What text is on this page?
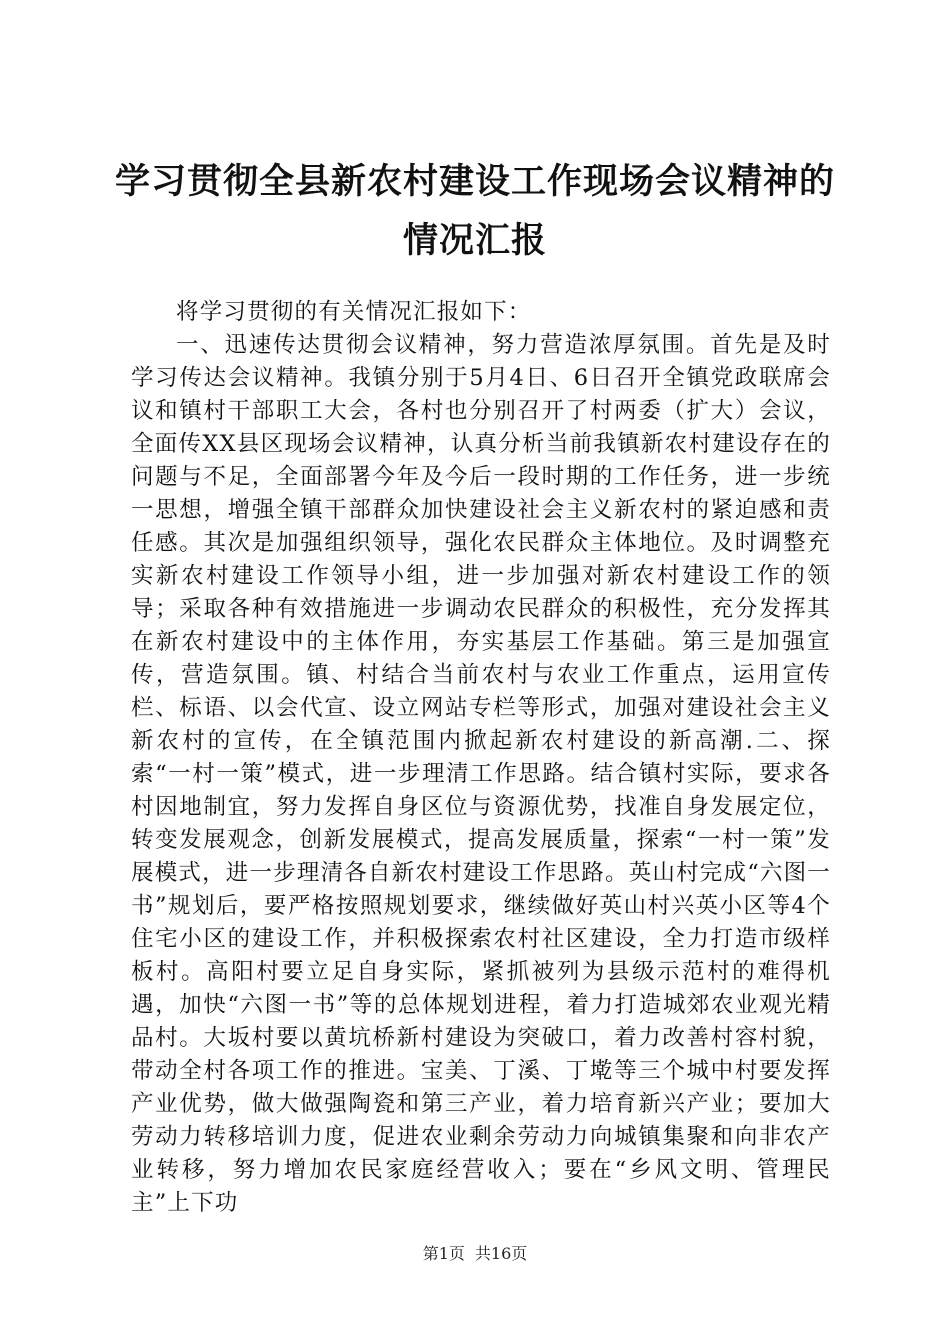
学习贯彻全县新农村建设工作现场会议精神的
情况汇报

将学习贯彻的有关情况汇报如下：

一、迅速传达贯彻会议精神，努力营造浓厚氛围。首先是及时学习传达会议精神。我镇分别于5月4日、6日召开全镇党政联席会议和镇村干部职工大会，各村也分别召开了村两委（扩大）会议，全面传XX县区现场会议精神，认真分析当前我镇新农村建设存在的问题与不足，全面部署今年及今后一段时期的工作任务，进一步统一思想，增强全镇干部群众加快建设社会主义新农村的紧迫感和责任感。其次是加强组织领导，强化农民群众主体地位。及时调整充实新农村建设工作领导小组，进一步加强对新农村建设工作的领导；采取各种有效措施进一步调动农民群众的积极性，充分发挥其在新农村建设中的主体作用，夯实基层工作基础。第三是加强宣传，营造氛围。镇、村结合当前农村与农业工作重点，运用宣传栏、标语、以会代宣、设立网站专栏等形式，加强对建设社会主义新农村的宣传，在全镇范围内掀起新农村建设的新高潮.二、探索“一村一策”模式，进一步理清工作思路。结合镇村实际，要求各村因地制宜，努力发挥自身区位与资源优势，找准自身发展定位，转变发展观念，创新发展模式，提高发展质量，探索“一村一策”发展模式，进一步理清各自新农村建设工作思路。英山村完成“六图一书”规划后，要严格按照规划要求，继续做好英山村兴英小区等4个住宅小区的建设工作，并积极探索农村社区建设，全力打造市级样板村。高阳村要立足自身实际，紧抓被列为县级示范村的难得机遇，加快“六图一书”等的总体规划进程，着力打造城郊农业观光精品村。大坂村要以黄坑桥新村建设为突破口，着力改善村容村貌，带动全村各项工作的推进。宝美、丁溪、丁墘等三个城中村要发挥产业优势，做大做强陶瓷和第三产业，着力培育新兴产业；要加大劳动力转移培训力度，促进农业剩余劳动力向城镇集聚和向非农产业转移，努力增加农民家庭经营收入；要在“乡风文明、管理民主”上下功

第1页 共16页
